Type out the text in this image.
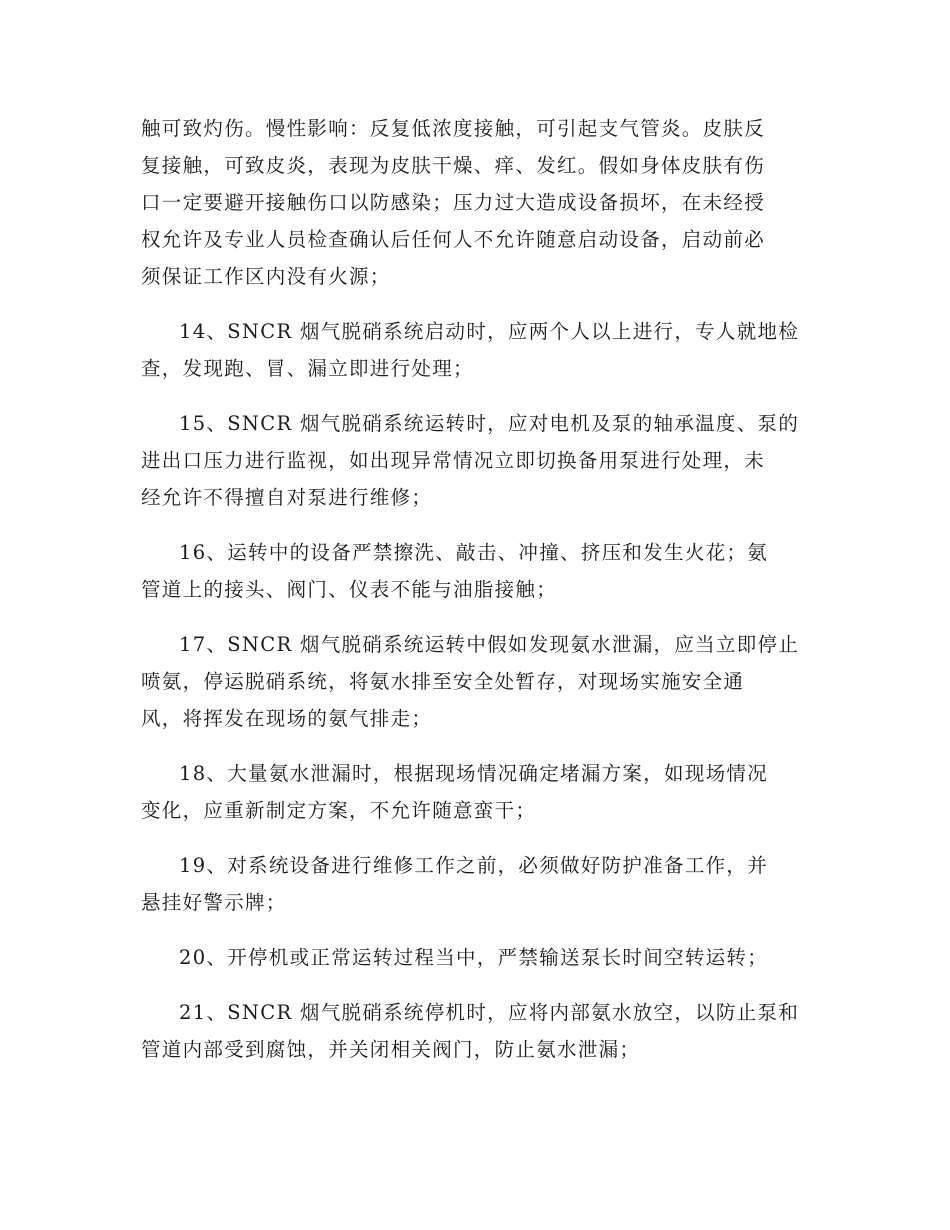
触可致灼伤。慢性影响：反复低浓度接触，可引起支气管炎。皮肤反
复接触，可致皮炎，表现为皮肤干燥、痒、发红。假如身体皮肤有伤
口一定要避开接触伤口以防感染；压力过大造成设备损坏，在未经授
权允许及专业人员检查确认后任何人不允许随意启动设备，启动前必
须保证工作区内没有火源；
14、SNCR 烟气脱硝系统启动时，应两个人以上进行，专人就地检
查，发现跑、冒、漏立即进行处理；
15、SNCR 烟气脱硝系统运转时，应对电机及泵的轴承温度、泵的
进出口压力进行监视，如出现异常情况立即切换备用泵进行处理，未
经允许不得擅自对泵进行维修；
16、运转中的设备严禁擦洗、敲击、冲撞、挤压和发生火花；氨
管道上的接头、阀门、仪表不能与油脂接触；
17、SNCR 烟气脱硝系统运转中假如发现氨水泄漏，应当立即停止
喷氨，停运脱硝系统，将氨水排至安全处暂存，对现场实施安全通
风，将挥发在现场的氨气排走；
18、大量氨水泄漏时，根据现场情况确定堵漏方案，如现场情况
变化，应重新制定方案，不允许随意蛮干；
19、对系统设备进行维修工作之前，必须做好防护准备工作，并
悬挂好警示牌；
20、开停机或正常运转过程当中，严禁输送泵长时间空转运转；
21、SNCR 烟气脱硝系统停机时，应将内部氨水放空，以防止泵和
管道内部受到腐蚀，并关闭相关阀门，防止氨水泄漏；
